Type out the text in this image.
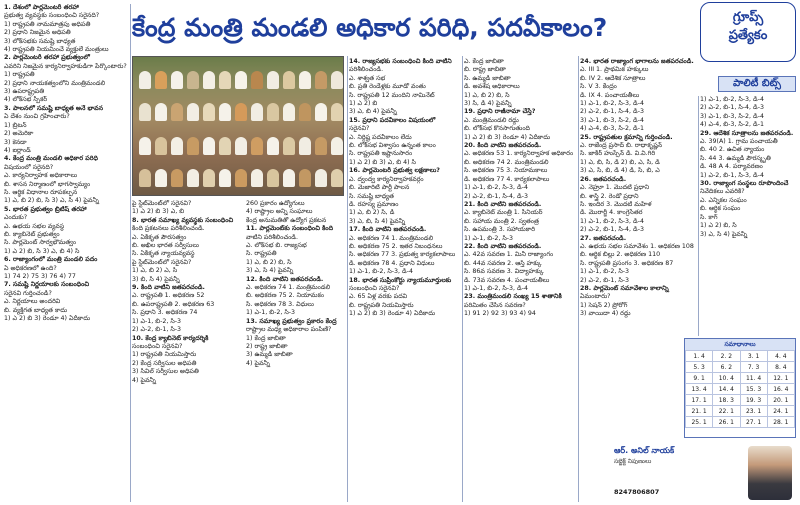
కేంద్ర మంత్రి మండలి అధికార పరిధి, పదవీకాలం?	గ్రూప్స్
ప్రత్యేకం
పాలిటీ బిట్స్

1. దేశంలో పార్లమెంటరీ తరహా

ప్రభుత్వ వ్యవస్థకు సంబంధించి సరైనది?

1) రాష్ట్రపతి నామమాత్రపు అధిపతి

2) ప్రధాని నిజమైన అధిపతి

3) లోక్‌సభకు సమష్టి బాధ్యత

4) రాష్ట్రపతి నియమించే వ్యక్తులే మంత్రులు

2. పార్లమెంటరీ తరహా ప్రభుత్వంలో

ఎవరిని నిజమైన కార్యనిర్వాహకుడిగా పేర్కొంటారు?

1) రాష్ట్రపతి

2) ప్రధాని నాయకత్వంలోని మంత్రిమండలి

3) ఉపరాష్ట్రపతి

4) లోక్‌సభ స్పీకర్

3. పాలనలో సమష్టి బాధ్యత అనే భావన

ఏ దేశం నుంచి గ్రహించారు?

1) బ్రిటన్

2) అమెరికా

3) కెనడా

4) ఐర్లాండ్

4. కేంద్ర మంత్రి మండలి అధికార పరిధి

విషయంలో సరైనది?

ఎ. కార్యనిర్వాహక అధికారాలు

బి. శాసన నిర్మాణంలో భాగస్వామ్యం

సి. ఆర్థిక విధానాల రూపకల్పన

1) ఎ, బి 2) బి, సి 3) ఎ, సి 4) పైవన్నీ

5. భారత ప్రభుత్వం బ్రిటిష్ తరహా

ఎందుకు?

ఎ. ఉభయ సభల వ్యవస్థ

బి. క్యాబినెట్ ప్రభుత్వం

సి. పార్లమెంట్ సార్వభౌమత్వం

1) ఎ 2) బి, సి 3) ఎ, బి 4) సి

6. రాజ్యాంగంలో మంత్రి మండలి పదం

ఏ అధికరణలో ఉంది?

1) 74 2) 75 3) 76 4) 77

7. సమష్టి నిర్ణయాలకు సంబంధించి

సరైనవి గుర్తించండి?

ఎ. నిర్ణయాలు అందరివి

బి. వ్యక్తిగత బాధ్యత కాదు

1) ఎ 2) బి 3) రెండూ 4) ఏదీకాదు

పై స్టేట్‌మెంట్‌లో సరైనవి?

1) ఎ 2) బి 3) ఎ, బి

8. భారత సమాఖ్య వ్యవస్థకు సంబంధించి

కింది ప్రకటనలు పరిశీలించండి.

ఎ. ఏకీకృత పౌరసత్వం

బి. అఖిల భారత సర్వీసులు

సి. ఏకీకృత న్యాయవ్యవస్థ

పై స్టేట్‌మెంట్‌లో సరైనవి?

1) ఎ, బి 2) ఎ, సి

3) బి, సి 4) పైవన్నీ

9. కింది వాటిని జతపరచండి.

ఎ. రాష్ట్రపతి 1. అధికరణ 52

బి. ఉపరాష్ట్రపతి 2. అధికరణ 63

సి. ప్రధాని 3. అధికరణ 74

1) ఎ-1, బి-2, సి-3

2) ఎ-2, బి-1, సి-3

10. కేంద్ర క్యాబినెట్ కార్యదర్శికి

సంబంధించి సరైనవి?

1) రాష్ట్రపతి నియమిస్తారు

2) కేంద్ర సర్వీసుల అధిపతి

3) సివిల్ సర్వీసుల అధిపతి

4) పైవన్నీ

260 ప్రకారం ఉద్యోగులు

4) రాష్ట్రాల అన్ని సంఘాలు

కేంద్ర అనుమతితో ఉద్యోగ ప్రకటన

11. పార్లమెంట్‌కు సంబంధించి కింది

వాటిని పరిశీలించండి.

ఎ. లోక్‌సభ బి. రాజ్యసభ

సి. రాష్ట్రపతి

1) ఎ, బి 2) బి, సి

3) ఎ, సి 4) పైవన్నీ

12. కింది వాటిని జతపరచండి.

ఎ. అధికరణ 74 1. మంత్రిమండలి

బి. అధికరణ 75 2. నియామకం

సి. అధికరణ 78 3. విధులు

1) ఎ-1, బి-2, సి-3

13. సమాఖ్య ప్రభుత్వం ప్రకారం కేంద్ర

రాష్ట్రాల మధ్య అధికారాల పంపిణీ?

1) కేంద్ర జాబితా

2) రాష్ట్ర జాబితా

3) ఉమ్మడి జాబితా

4) పైవన్నీ

14. రాజ్యసభకు సంబంధించి కింది వాటిని

పరిశీలించండి.

ఎ. శాశ్వత సభ

బి. ప్రతి రెండేళ్లకు మూడో వంతు

సి. రాష్ట్రపతి 12 మందిని నామినేట్

1) ఎ 2) బి

3) ఎ, బి 4) పైవన్నీ

15. ప్రధాని పదవీకాలం విషయంలో

సరైనవి?

ఎ. నిర్దిష్ట పదవీకాలం లేదు

బి. లోక్‌సభ విశ్వాసం ఉన్నంత కాలం

సి. రాష్ట్రపతి ఇష్టానుసారం

1) ఎ 2) బి 3) ఎ, బి 4) సి

16. పార్లమెంటరీ ప్రభుత్వ లక్షణాలు?

ఎ. ద్వంద్వ కార్యనిర్వాహకవర్గం

బి. మెజారిటీ పార్టీ పాలన

సి. సమష్టి బాధ్యత

డి. రహస్య ప్రమాణం

1) ఎ, బి 2) సి, డి

3) ఎ, బి, సి 4) పైవన్నీ

17. కింది వాటిని జతపరచండి.

ఎ. అధికరణ 74 1. మంత్రిమండలి

బి. అధికరణ 75 2. ఇతర నిబంధనలు

సి. అధికరణ 77 3. ప్రభుత్వ కార్యకలాపాలు

డి. అధికరణ 78 4. ప్రధాని విధులు

1) ఎ-1, బి-2, సి-3, డి-4

18. భారత సుప్రీంకోర్టు న్యాయమూర్తులకు

సంబంధించి సరైనవి?

ఎ. 65 ఏళ్ల వరకు పదవి

బి. రాష్ట్రపతి నియమిస్తారు

1) ఎ 2) బి 3) రెండూ 4) ఏదీకాదు

ఎ. కేంద్ర జాబితా

బి. రాష్ట్ర జాబితా

సి. ఉమ్మడి జాబితా

డి. అవశేష అధికారాలు

1) ఎ, బి 2) బి, సి

3) సి, డి 4) పైవన్నీ

19. ప్రధాని రాజీనామా చేస్తే?

ఎ. మంత్రిమండలి రద్దు

బి. లోక్‌సభ కొనసాగుతుంది

1) ఎ 2) బి 3) రెండూ 4) ఏదీకాదు

20. కింది వాటిని జతపరచండి.

ఎ. అధికరణ 53 1. కార్యనిర్వాహక అధికారం

బి. అధికరణ 74 2. మంత్రిమండలి

సి. అధికరణ 75 3. నియామకాలు

డి. అధికరణ 77 4. కార్యకలాపాలు

1) ఎ-1, బి-2, సి-3, డి-4

2) ఎ-2, బి-1, సి-4, డి-3

21. కింది వాటిని జతపరచండి.

ఎ. క్యాబినెట్ మంత్రి 1. సీనియర్

బి. సహాయ మంత్రి 2. స్వతంత్ర

సి. ఉపమంత్రి 3. సహాయకారి

1) ఎ-1, బి-2, సి-3

22. కింది వాటిని జతపరచండి.

ఎ. 42వ సవరణ 1. మినీ రాజ్యాంగం

బి. 44వ సవరణ 2. ఆస్తి హక్కు

సి. 86వ సవరణ 3. విద్యాహక్కు

డి. 73వ సవరణ 4. పంచాయతీలు

1) ఎ-1, బి-2, సి-3, డి-4

23. మంత్రిమండలి సంఖ్య 15 శాతానికి

పరిమితం చేసిన సవరణ?

1) 91 2) 92 3) 93 4) 94

24. భారత రాజ్యాంగ భాగాలను జతపరచండి.

ఎ. III 1. ప్రాథమిక హక్కులు

బి. IV 2. ఆదేశిక సూత్రాలు

సి. V 3. కేంద్రం

డి. IX 4. పంచాయతీలు

1) ఎ-1, బి-2, సి-3, డి-4

2) ఎ-2, బి-1, సి-4, డి-3

3) ఎ-1, బి-3, సి-2, డి-4

4) ఎ-4, బి-3, సి-2, డి-1

25. రాష్ట్రపతుల క్రమాన్ని గుర్తించండి.

ఎ. రాజేంద్ర ప్రసాద్ బి. రాధాకృష్ణన్

సి. జాకీర్ హుస్సేన్ డి. వి.వి.గిరి

1) ఎ, బి, సి, డి 2) బి, ఎ, సి, డి

3) ఎ, సి, బి, డి 4) డి, సి, బి, ఎ

26. జతపరచండి.

ఎ. నెహ్రూ 1. మొదటి ప్రధాని

బి. శాస్త్రి 2. రెండో ప్రధాని

సి. ఇందిర 3. మొదటి మహిళ

డి. మొరార్జీ 4. కాంగ్రెసేతర

1) ఎ-1, బి-2, సి-3, డి-4

2) ఎ-2, బి-1, సి-4, డి-3

27. జతపరచండి.

ఎ. ఉభయ సభల సమావేశం 1. అధికరణ 108

బి. ఆర్థిక బిల్లు 2. అధికరణ 110

సి. రాష్ట్రపతి ప్రసంగం 3. అధికరణ 87

1) ఎ-1, బి-2, సి-3

2) ఎ-2, బి-1, సి-3

28. పార్లమెంట్ సమావేశాల కాలాన్ని

ఏమంటారు?

1) సెషన్ 2) ప్రోరోగ్

3) వాయిదా 4) రద్దు

1) ఎ-1, బి-2, సి-3, డి-4

2) ఎ-2, బి-1, సి-4, డి-3

3) ఎ-1, బి-3, సి-2, డి-4

4) ఎ-4, బి-3, సి-2, డి-1

29. ఆదేశిక సూత్రాలను జతపరచండి.

ఎ. 39(A) 1. గ్రామ పంచాయతీ

బి. 40 2. ఉచిత న్యాయం

సి. 44 3. ఉమ్మడి పౌరస్మృతి

డి. 48 A 4. పర్యావరణం

1) ఎ-2, బి-1, సి-3, డి-4

30. రాజ్యాంగ సంస్థలు రూపొందించే

నివేదికలు ఎవరికి?

ఎ. ఎన్నికల సంఘం

బి. ఆర్థిక సంఘం

సి. కాగ్

1) ఎ 2) బి, సి

3) ఎ, సి 4) పైవన్నీ

సమాధానాలు
1. 4	2. 2	3. 1	4. 4
5. 3	6. 2	7. 3	8. 4
9. 1	10. 4	11. 4	12. 1
13. 4	14. 4	15. 3	16. 4
17. 1	18. 3	19. 3	20. 1
21. 1	22. 1	23. 1	24. 1
25. 1	26. 1	27. 1	28. 1
ఆర్. అనిల్ నాయక్
సబ్జెక్ట్ నిపుణులు
8247806807
